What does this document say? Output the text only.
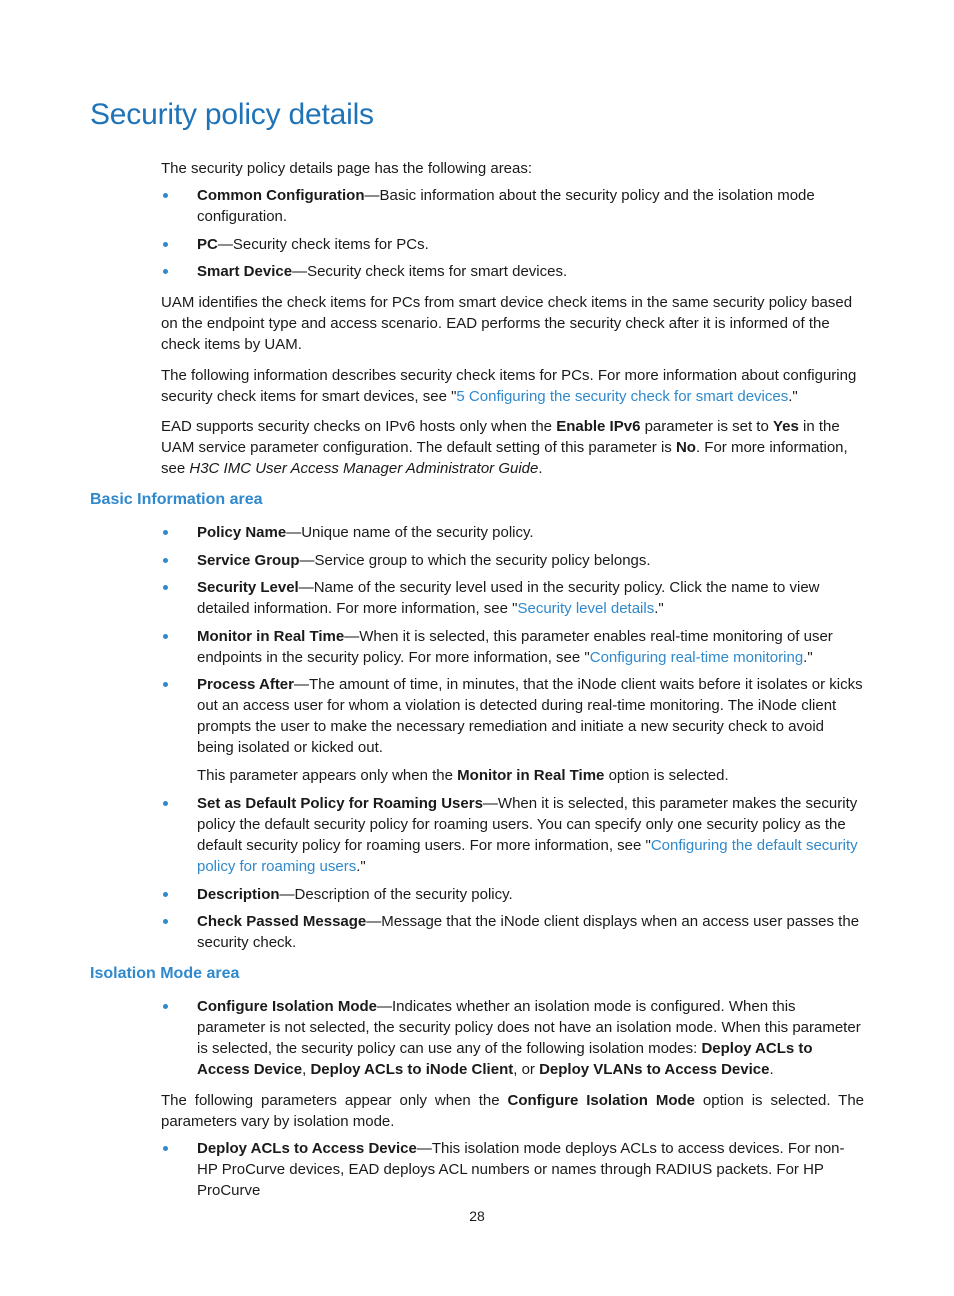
Security policy details

The security policy details page has the following areas:

Common Configuration—Basic information about the security policy and the isolation mode configuration.
PC—Security check items for PCs.
Smart Device—Security check items for smart devices.

UAM identifies the check items for PCs from smart device check items in the same security policy based on the endpoint type and access scenario. EAD performs the security check after it is informed of the check items by UAM.

The following information describes security check items for PCs. For more information about configuring security check items for smart devices, see "5 Configuring the security check for smart devices."

EAD supports security checks on IPv6 hosts only when the Enable IPv6 parameter is set to Yes in the UAM service parameter configuration. The default setting of this parameter is No. For more information, see H3C IMC User Access Manager Administrator Guide.

Basic Information area
Policy Name—Unique name of the security policy.
Service Group—Service group to which the security policy belongs.
Security Level—Name of the security level used in the security policy. Click the name to view detailed information. For more information, see "Security level details."
Monitor in Real Time—When it is selected, this parameter enables real-time monitoring of user endpoints in the security policy. For more information, see "Configuring real-time monitoring."
Process After—The amount of time, in minutes, that the iNode client waits before it isolates or kicks out an access user for whom a violation is detected during real-time monitoring. The iNode client prompts the user to make the necessary remediation and initiate a new security check to avoid being isolated or kicked out.

This parameter appears only when the Monitor in Real Time option is selected.

Set as Default Policy for Roaming Users—When it is selected, this parameter makes the security policy the default security policy for roaming users. You can specify only one security policy as the default security policy for roaming users. For more information, see "Configuring the default security policy for roaming users."
Description—Description of the security policy.
Check Passed Message—Message that the iNode client displays when an access user passes the security check.
Isolation Mode area
Configure Isolation Mode—Indicates whether an isolation mode is configured. When this parameter is not selected, the security policy does not have an isolation mode. When this parameter is selected, the security policy can use any of the following isolation modes: Deploy ACLs to Access Device, Deploy ACLs to iNode Client, or Deploy VLANs to Access Device.

The following parameters appear only when the Configure Isolation Mode option is selected. The parameters vary by isolation mode.

Deploy ACLs to Access Device—This isolation mode deploys ACLs to access devices. For non-HP ProCurve devices, EAD deploys ACL numbers or names through RADIUS packets. For HP ProCurve
28
